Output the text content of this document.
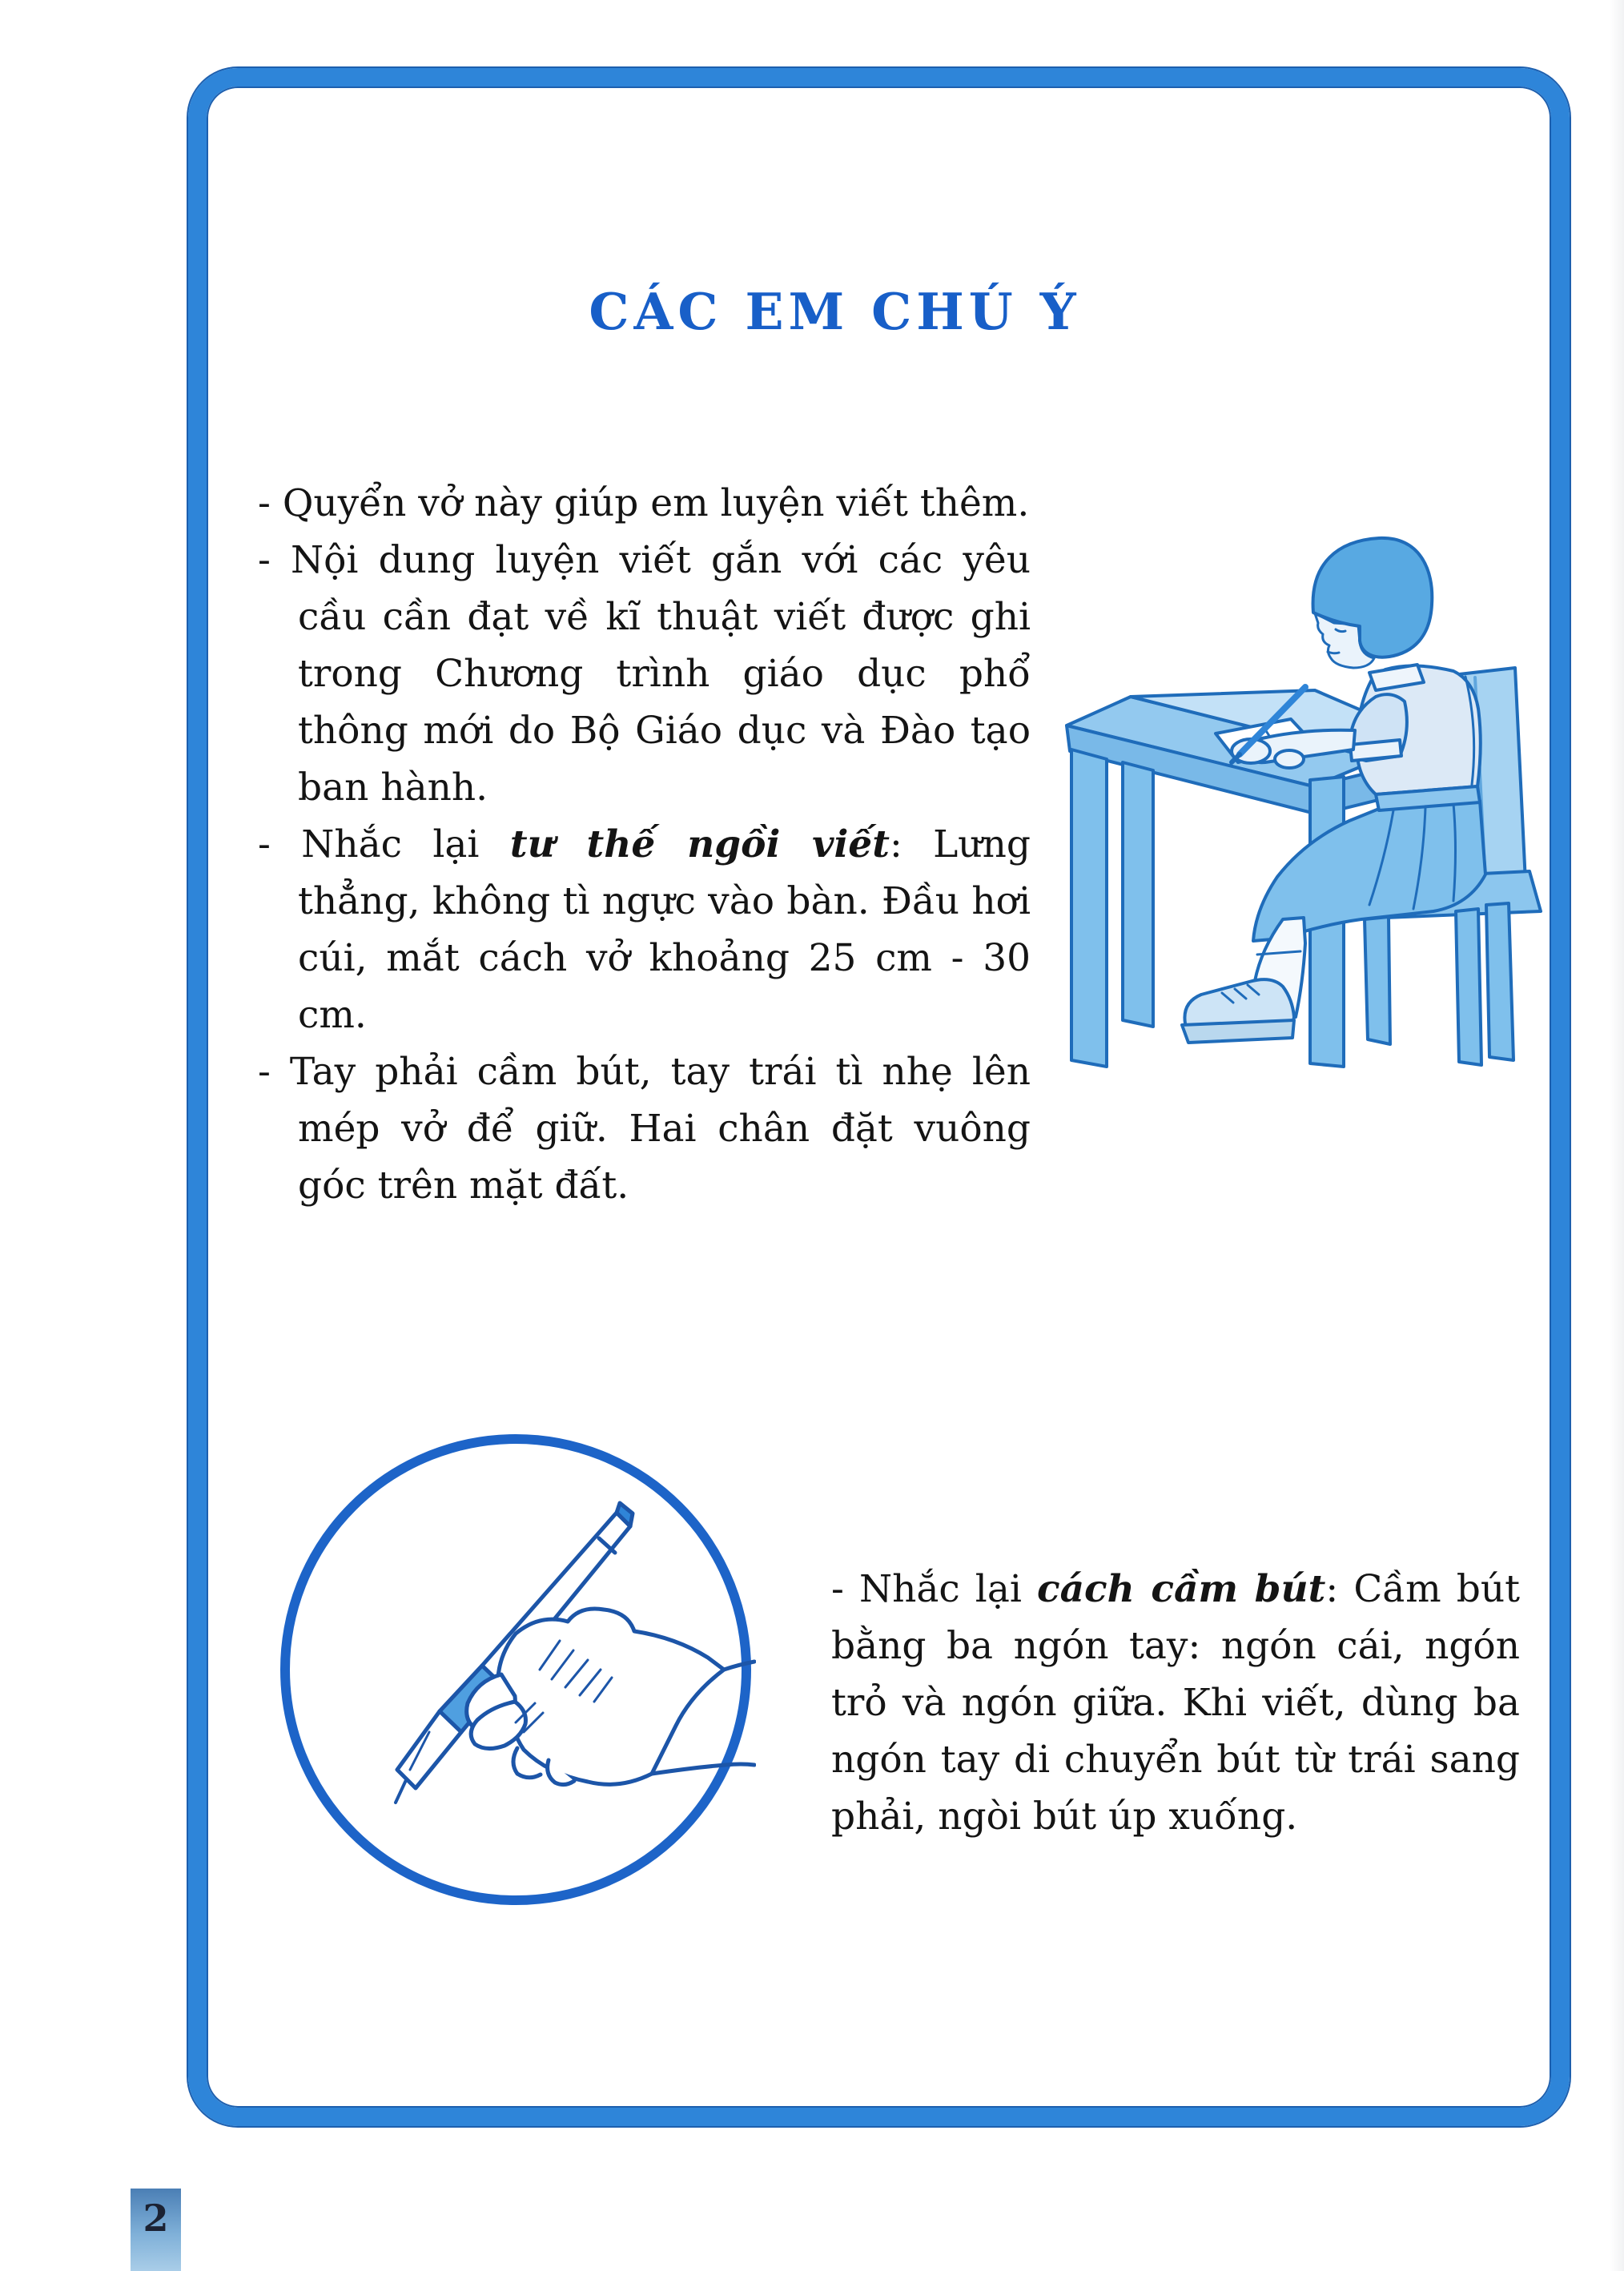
CÁC EM CHÚ Ý

- Quyển vở này giúp em luyện viết thêm.

- Nội dung luyện viết gắn với các yêu cầu cần đạt về kĩ thuật viết được ghi trong Chương trình giáo dục phổ thông mới do Bộ Giáo dục và Đào tạo ban hành.

- Nhắc lại tư thế ngồi viết: Lưng thẳng, không tì ngực vào bàn. Đầu hơi cúi, mắt cách vở khoảng 25 cm - 30 cm.

- Tay phải cầm bút, tay trái tì nhẹ lên mép vở để giữ. Hai chân đặt vuông góc trên mặt đất.

- Nhắc lại cách cầm bút: Cầm bút bằng ba ngón tay: ngón cái, ngón trỏ và ngón giữa. Khi viết, dùng ba ngón tay di chuyển bút từ trái sang phải, ngòi bút úp xuống.

2
